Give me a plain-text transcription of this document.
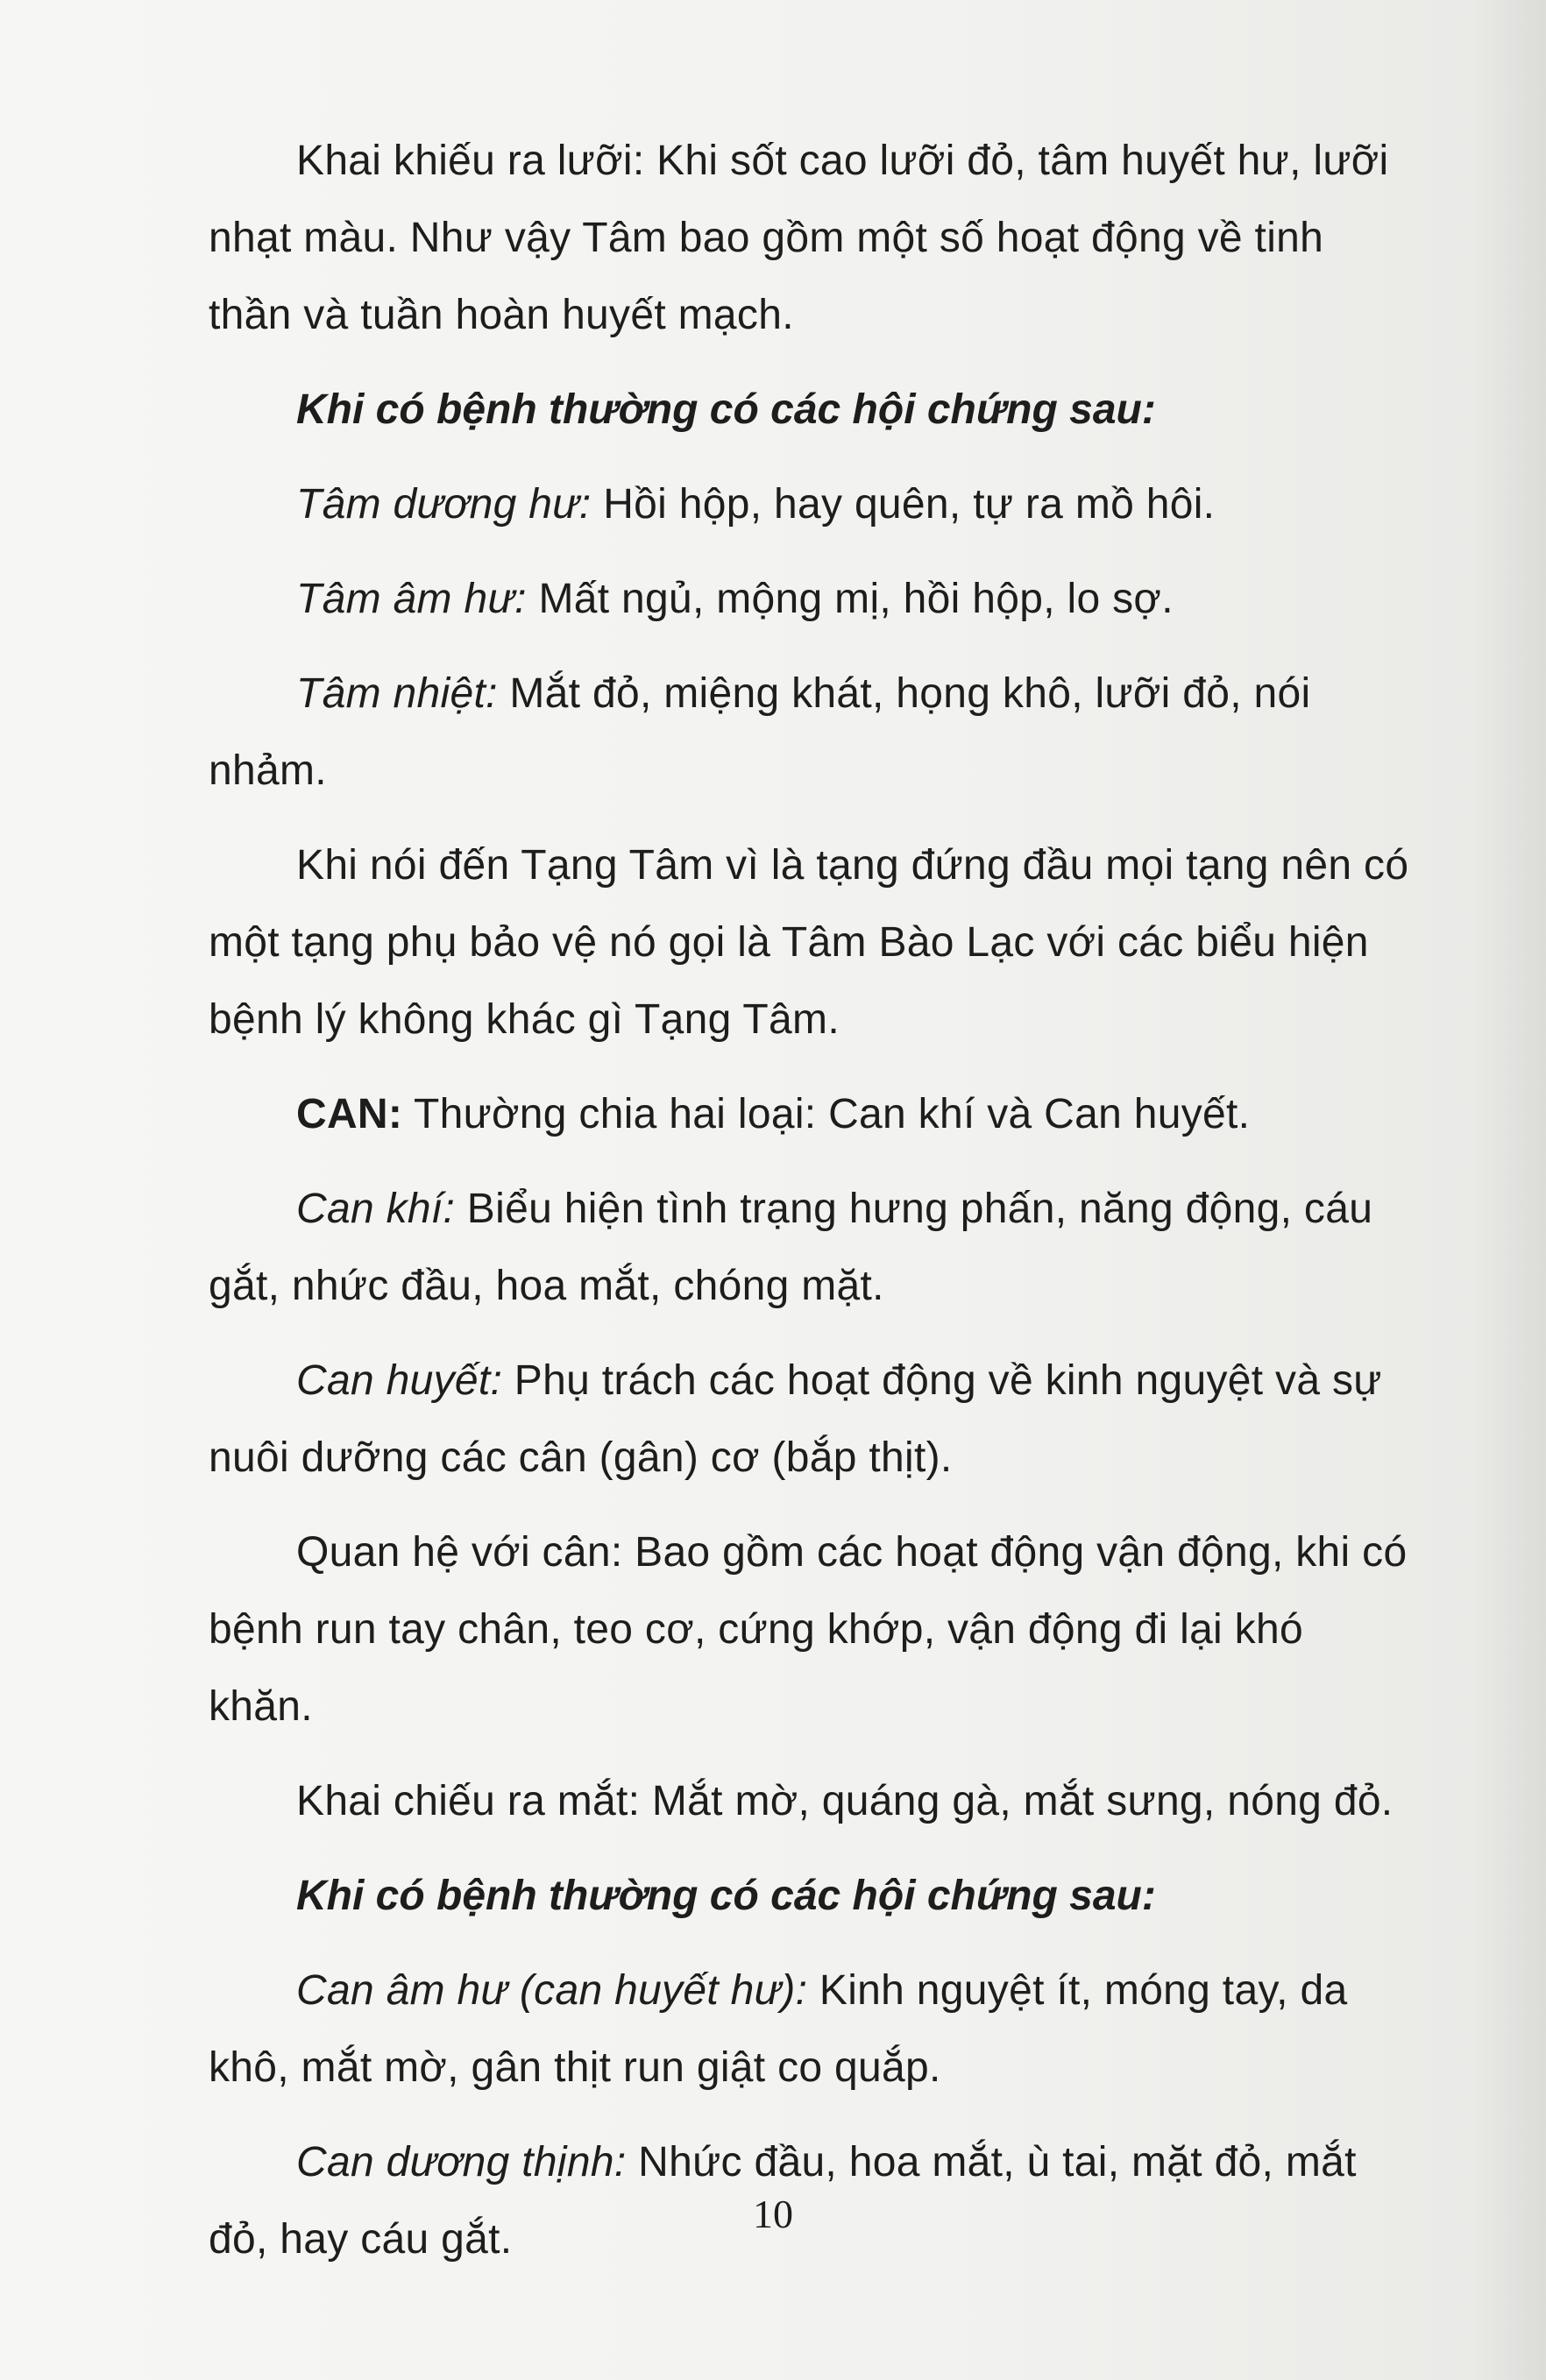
Khai khiếu ra lưỡi: Khi sốt cao lưỡi đỏ, tâm huyết hư, lưỡi nhạt màu. Như vậy Tâm bao gồm một số hoạt động về tinh thần và tuần hoàn huyết mạch.

Khi có bệnh thường có các hội chứng sau:

Tâm dương hư: Hồi hộp, hay quên, tự ra mồ hôi.

Tâm âm hư: Mất ngủ, mộng mị, hồi hộp, lo sợ.

Tâm nhiệt: Mắt đỏ, miệng khát, họng khô, lưỡi đỏ, nói nhảm.

Khi nói đến Tạng Tâm vì là tạng đứng đầu mọi tạng nên có một tạng phụ bảo vệ nó gọi là Tâm Bào Lạc với các biểu hiện bệnh lý không khác gì Tạng Tâm.

CAN: Thường chia hai loại: Can khí và Can huyết.

Can khí: Biểu hiện tình trạng hưng phấn, năng động, cáu gắt, nhức đầu, hoa mắt, chóng mặt.

Can huyết: Phụ trách các hoạt động về kinh nguyệt và sự nuôi dưỡng các cân (gân) cơ (bắp thịt).

Quan hệ với cân: Bao gồm các hoạt động vận động, khi có bệnh run tay chân, teo cơ, cứng khớp, vận động đi lại khó khăn.

Khai chiếu ra mắt: Mắt mờ, quáng gà, mắt sưng, nóng đỏ.

Khi có bệnh thường có các hội chứng sau:

Can âm hư (can huyết hư): Kinh nguyệt ít, móng tay, da khô, mắt mờ, gân thịt run giật co quắp.

Can dương thịnh: Nhức đầu, hoa mắt, ù tai, mặt đỏ, mắt đỏ, hay cáu gắt.

10
